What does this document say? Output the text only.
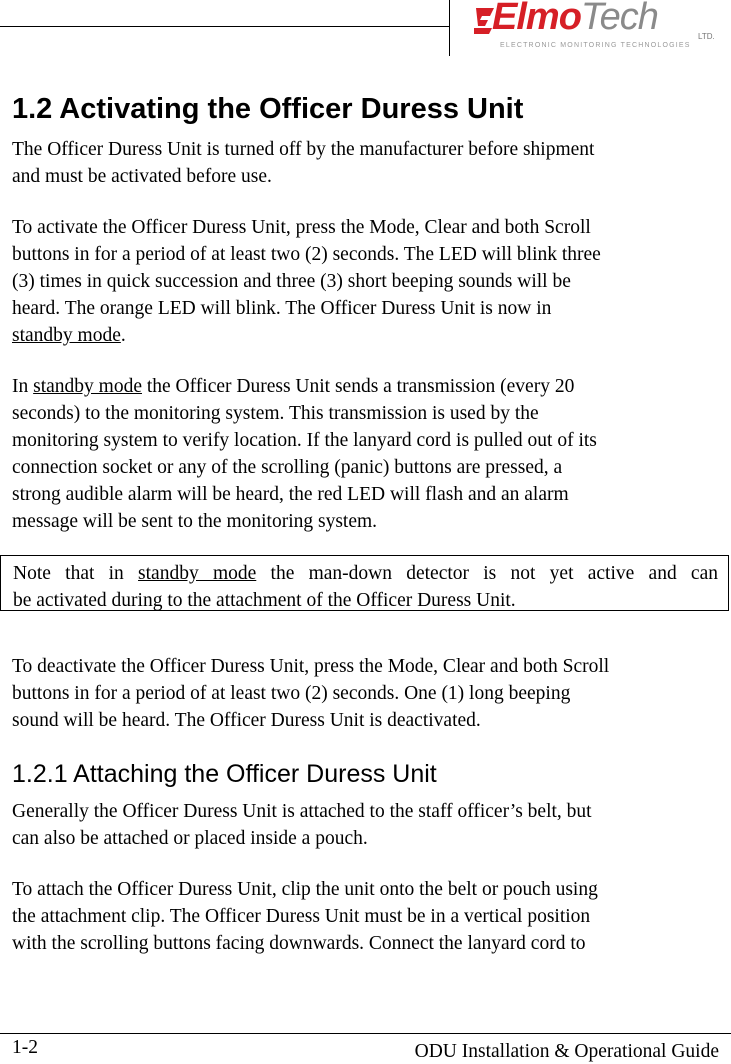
ElmoTech	LTD.
ELECTRONIC MONITORING TECHNOLOGIES
1.2 Activating the Officer Duress Unit

The Officer Duress Unit is turned off by the manufacturer before shipment
and must be activated before use.

To activate the Officer Duress Unit, press the Mode, Clear and both Scroll
buttons in for a period of at least two (2) seconds. The LED will blink three
(3) times in quick succession and three (3) short beeping sounds will be
heard. The orange LED will blink. The Officer Duress Unit is now in
standby mode.

In standby mode the Officer Duress Unit sends a transmission (every 20
seconds) to the monitoring system. This transmission is used by the
monitoring system to verify location. If the lanyard cord is pulled out of its
connection socket or any of the scrolling (panic) buttons are pressed, a
strong audible alarm will be heard, the red LED will flash and an alarm
message will be sent to the monitoring system.

Note that in standby mode the man-down detector is not yet active and can
be activated during to the attachment of the Officer Duress Unit.

To deactivate the Officer Duress Unit, press the Mode, Clear and both Scroll
buttons in for a period of at least two (2) seconds. One (1) long beeping
sound will be heard. The Officer Duress Unit is deactivated.

1.2.1 Attaching the Officer Duress Unit

Generally the Officer Duress Unit is attached to the staff officer’s belt, but
can also be attached or placed inside a pouch.

To attach the Officer Duress Unit, clip the unit onto the belt or pouch using
the attachment clip. The Officer Duress Unit must be in a vertical position
with the scrolling buttons facing downwards. Connect the lanyard cord to

1-2	ODU Installation & Operational Guide
